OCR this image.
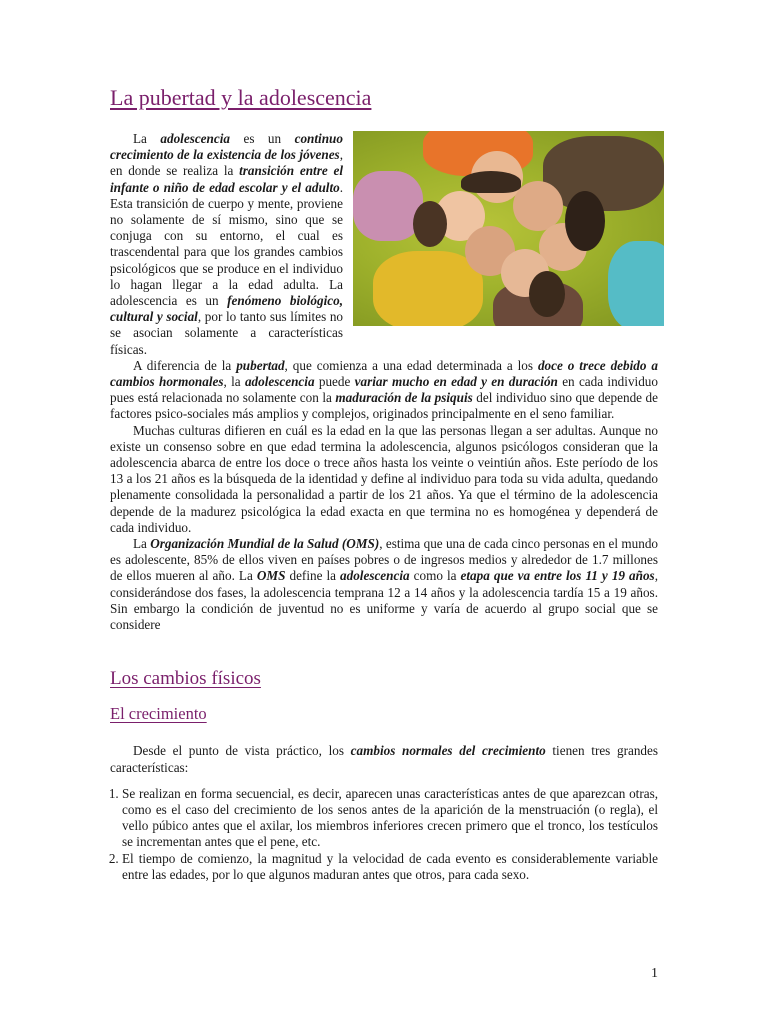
La pubertad y la adolescencia

La adolescencia es un continuo crecimiento de la existencia de los jóvenes, en donde se realiza la transición entre el infante o niño de edad escolar y el adulto. Esta transición de cuerpo y mente, proviene no solamente de sí mismo, sino que se conjuga con su entorno, el cual es trascendental para que los grandes cambios psicológicos que se produce en el individuo lo hagan llegar a la edad adulta. La adolescencia es un fenómeno biológico, cultural y social, por lo tanto sus límites no se asocian solamente a características físicas.

A diferencia de la pubertad, que comienza a una edad determinada a los doce o trece debido a cambios hormonales, la adolescencia puede variar mucho en edad y en duración en cada individuo pues está relacionada no solamente con la maduración de la psiquis del individuo sino que depende de factores psico-sociales más amplios y complejos, originados principalmente en el seno familiar.

Muchas culturas difieren en cuál es la edad en la que las personas llegan a ser adultas. Aunque no existe un consenso sobre en que edad termina la adolescencia, algunos psicólogos consideran que la adolescencia abarca de entre los doce o trece años hasta los veinte o veintiún años. Este período de los 13 a los 21 años es la búsqueda de la identidad y define al individuo para toda su vida adulta, quedando plenamente consolidada la personalidad a partir de los 21 años. Ya que el término de la adolescencia depende de la madurez psicológica la edad exacta en que termina no es homogénea y dependerá de cada individuo.

La Organización Mundial de la Salud (OMS), estima que una de cada cinco personas en el mundo es adolescente, 85% de ellos viven en países pobres o de ingresos medios y alrededor de 1.7 millones de ellos mueren al año. La OMS define la adolescencia como la etapa que va entre los 11 y 19 años, considerándose dos fases, la adolescencia temprana 12 a 14 años y la adolescencia tardía 15 a 19 años. Sin embargo la condición de juventud no es uniforme y varía de acuerdo al grupo social que se considere

Los cambios físicos
El crecimiento

Desde el punto de vista práctico, los cambios normales del crecimiento tienen tres grandes características:

1. Se realizan en forma secuencial, es decir, aparecen unas características antes de que aparezcan otras, como es el caso del crecimiento de los senos antes de la aparición de la menstruación (o regla), el vello púbico antes que el axilar, los miembros inferiores crecen primero que el tronco, los testículos se incrementan antes que el pene, etc.
2. El tiempo de comienzo, la magnitud y la velocidad de cada evento es considerablemente variable entre las edades, por lo que algunos maduran antes que otros, para cada sexo.
1
